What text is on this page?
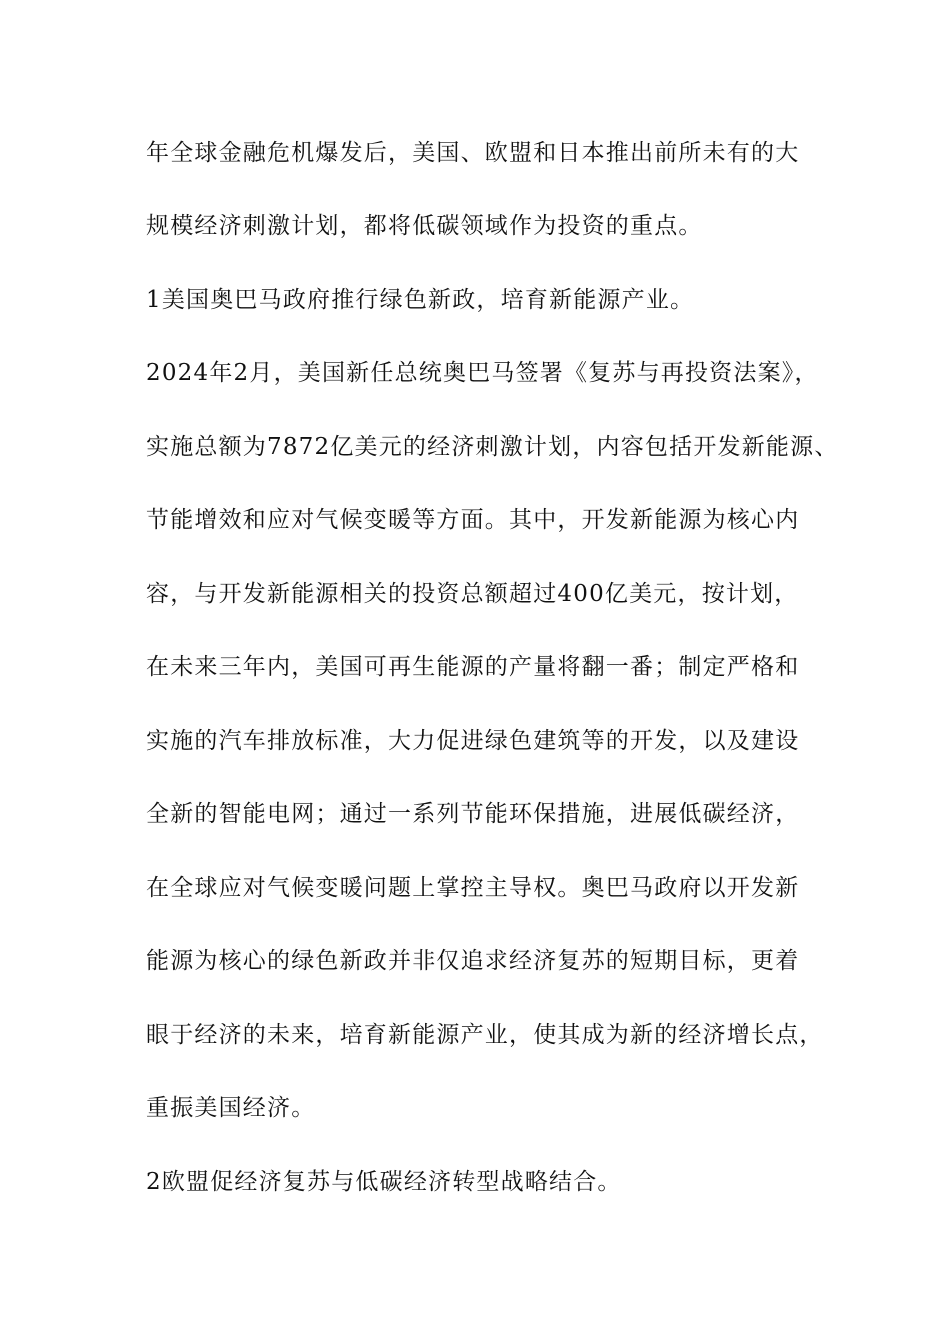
年全球金融危机爆发后，美国、欧盟和日本推出前所未有的大

规模经济刺激计划，都将低碳领域作为投资的重点。

1美国奥巴马政府推行绿色新政，培育新能源产业。

2024年2月，美国新任总统奥巴马签署《复苏与再投资法案》，

实施总额为7872亿美元的经济刺激计划，内容包括开发新能源、

节能增效和应对气候变暖等方面。其中，开发新能源为核心内

容，与开发新能源相关的投资总额超过400亿美元，按计划，

在未来三年内，美国可再生能源的产量将翻一番；制定严格和

实施的汽车排放标准，大力促进绿色建筑等的开发，以及建设

全新的智能电网；通过一系列节能环保措施，进展低碳经济，

在全球应对气候变暖问题上掌控主导权。奥巴马政府以开发新

能源为核心的绿色新政并非仅追求经济复苏的短期目标，更着

眼于经济的未来，培育新能源产业，使其成为新的经济增长点，

重振美国经济。

2欧盟促经济复苏与低碳经济转型战略结合。
